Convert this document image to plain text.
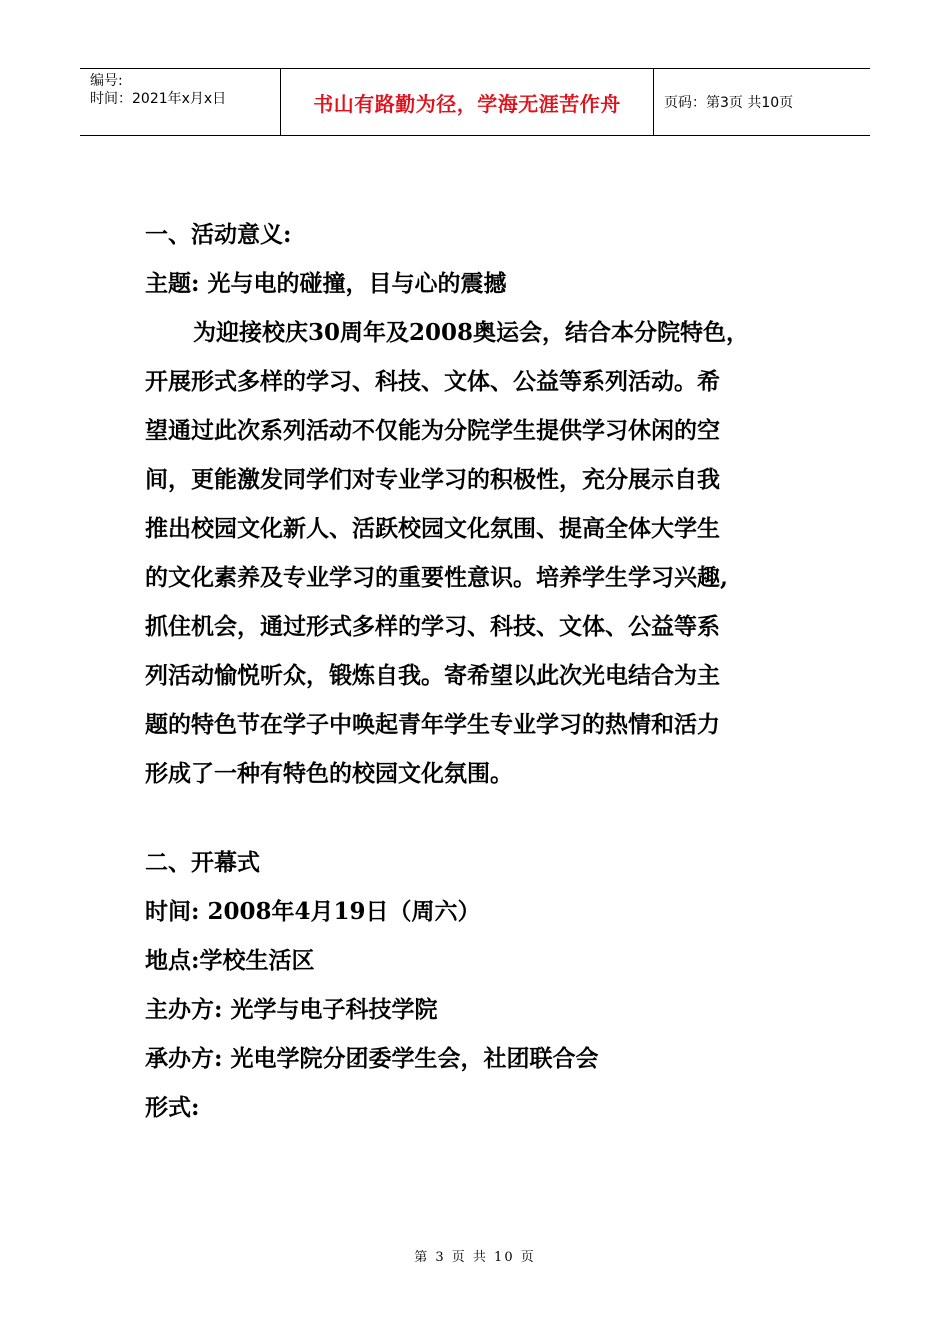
编号:
时间：2021年x月x日	书山有路勤为径，学海无涯苦作舟	页码：第3页 共10页
一、活动意义:
主题: 光与电的碰撞，目与心的震撼
为迎接校庆30周年及2008奥运会，结合本分院特色，
开展形式多样的学习、科技、文体、公益等系列活动。希
望通过此次系列活动不仅能为分院学生提供学习休闲的空
间，更能激发同学们对专业学习的积极性，充分展示自我
推出校园文化新人、活跃校园文化氛围、提高全体大学生
的文化素养及专业学习的重要性意识。培养学生学习兴趣,
抓住机会，通过形式多样的学习、科技、文体、公益等系
列活动愉悦听众，锻炼自我。寄希望以此次光电结合为主
题的特色节在学子中唤起青年学生专业学习的热情和活力
形成了一种有特色的校园文化氛围。
二、开幕式
时间: 2008年4月19日（周六）
地点:学校生活区
主办方: 光学与电子科技学院
承办方: 光电学院分团委学生会，社团联合会
形式:
第 3 页 共 10 页
